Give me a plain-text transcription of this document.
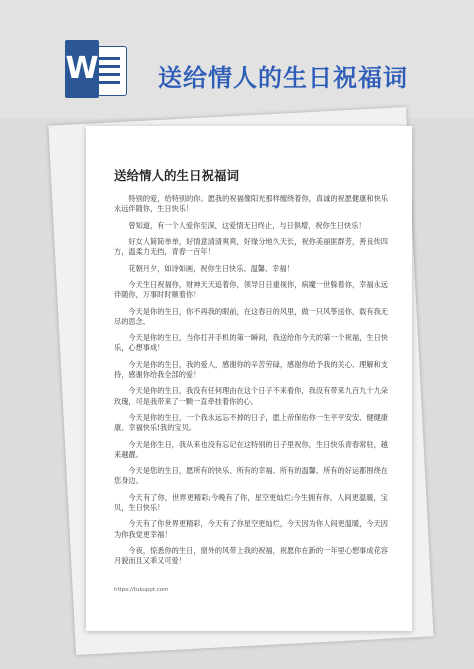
W 送给情人的生日祝福词
送给情人的生日祝福词

特别的爱，给特别的你。愿我的祝福像阳光那样缠绕着你，真诚的祝愿健康和快乐永远伴随你，生日快乐！

曾知道，有一个人爱你至深，这爱情无日终止，与日俱增，祝你生日快乐！

好女人简简单单，好情意清清爽爽，好缘分地久天长，祝你美丽匪群芳，善良传四方，温柔力无挡，青春一百年！

花朝月夕，如诗如画，祝你生日快乐、温馨、幸福！

今天生日祝福你，财神天天追着你，领导日日重视你，病魔一世躲着你，幸福永远伴随你，万事时时顺着你！

今天是你的生日，你不再我的眼前，在这春日的风里，做一只风筝送你，载有我无尽的思念。

今天是你的生日，当你打开手机的第一瞬间，我送给你今天的第一个祝福，生日快乐，心想事成！

今天是你的生日，我的爱人，感谢你的辛苦劳碌，感谢你给予我的关心、理解和支持，感谢你给我全部的爱！

今天是你的生日，我没有任何理由在这个日子不来看你，我没有带来九百九十九朵玫瑰，可是我带来了一颗一直牵挂着你的心。

今天是你的生日，一个我永远忘不掉的日子，愿上帝保佑你一生平平安安、健健康康、幸福快乐!我的宝贝。

今天是你生日，我从来也没有忘记在这特别的日子里祝你，生日快乐青春常驻，越来越靓。

今天是您的生日，愿所有的快乐、所有的幸福、所有的温馨、所有的好运都围绕在您身边。

今天有了你，世界更精彩;今晚有了你，星空更灿烂;今生拥有你，人间更温暖，宝贝，生日快乐！

今天有了你世界更精彩，今天有了你星空更灿烂，今天因为你人间更温暖，今天因为你我觉更幸福！

今夜，惊悉你的生日，窗外的风带上我的祝福，祝愿你在新的一年里心想事成花容月貌而且又乖又可爱！

https://tukuppt.com
